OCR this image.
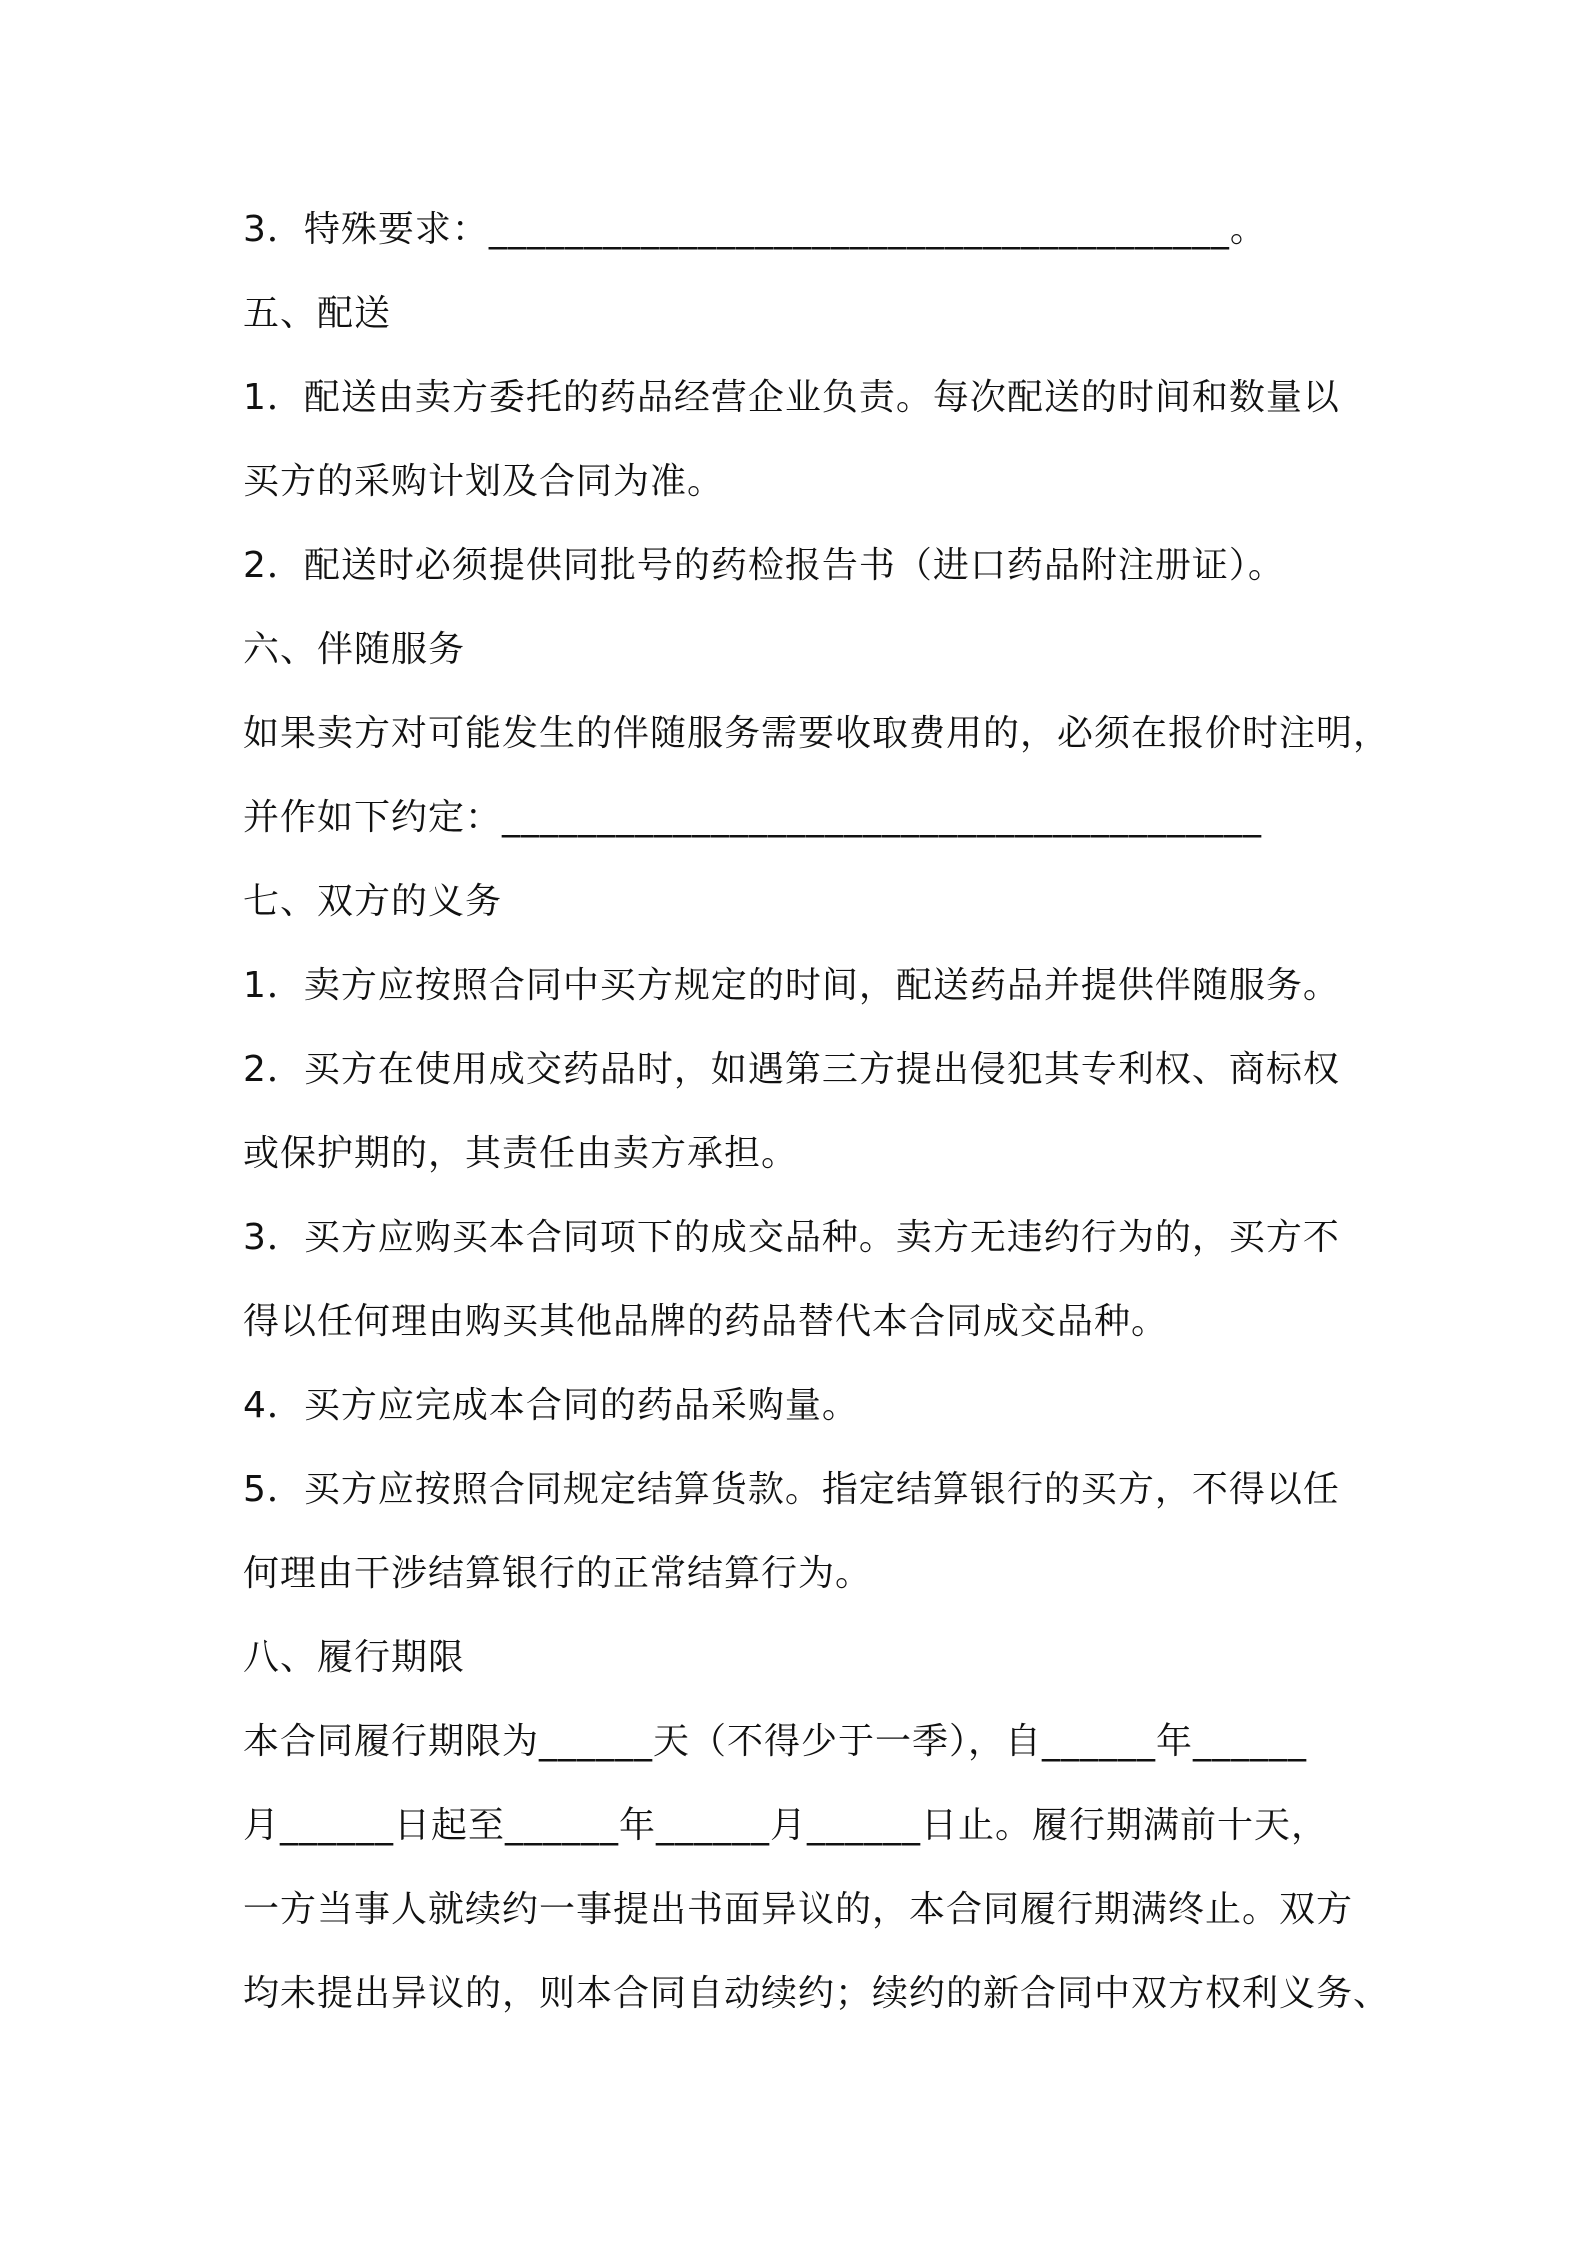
3．特殊要求：_______________________________________。
五、配送
1．配送由卖方委托的药品经营企业负责。每次配送的时间和数量以
买方的采购计划及合同为准。
2．配送时必须提供同批号的药检报告书（进口药品附注册证）。
六、伴随服务
如果卖方对可能发生的伴随服务需要收取费用的，必须在报价时注明，
并作如下约定：________________________________________
七、双方的义务
1．卖方应按照合同中买方规定的时间，配送药品并提供伴随服务。
2．买方在使用成交药品时，如遇第三方提出侵犯其专利权、商标权
或保护期的，其责任由卖方承担。
3．买方应购买本合同项下的成交品种。卖方无违约行为的，买方不
得以任何理由购买其他品牌的药品替代本合同成交品种。
4．买方应完成本合同的药品采购量。
5．买方应按照合同规定结算货款。指定结算银行的买方，不得以任
何理由干涉结算银行的正常结算行为。
八、履行期限
本合同履行期限为______天（不得少于一季），自______年______
月______日起至______年______月______日止。履行期满前十天，
一方当事人就续约一事提出书面异议的，本合同履行期满终止。双方
均未提出异议的，则本合同自动续约；续约的新合同中双方权利义务、
